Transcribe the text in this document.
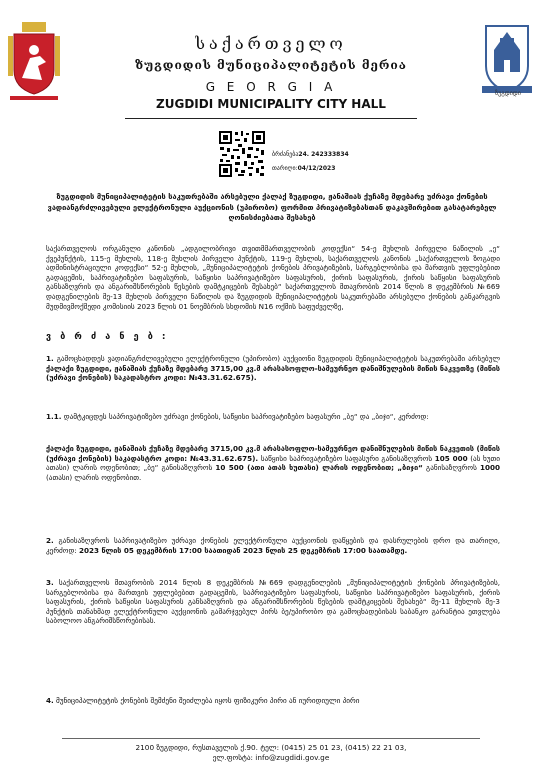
ზუგდიდი
საქართველო
ზუგდიდის მუნიციპალიტეტის მერია
G E O R G I A
ZUGDIDI MUNICIPALITY CITY HALL
ბრძანება24. 242333834
თარიღი:04/12/2023
ზუგდიდის მუნიციპალიტეტის საკუთრებაში არსებული ქალაქ ზუგდიდი, ჟანაშიას ქუჩაზე მდებარე უძრავი ქონების ვადიანგრძლივებული ელექტრონული აუქციონის (უპირობო) ფორმით პრივატიზებასთან დაკავშირებით გასატარებელ ღონისძიებათა შესახებ
საქართველოს ორგანული კანონის „ადგილობრივი თვითმმართველობის კოდექსი“ 54-ე მუხლის პირველი ნაწილის „ე“ ქვეპუნქტის, 115-ე მუხლის, 118-ე მუხლის პირველი პუნქტის, 119-ე მუხლის, საქართველოს კანონის „საქართველოს ზოგადი ადმინისტრაციული კოდექსი“ 52-ე მუხლის, „მუნიციპალიტეტის ქონების პრივატიზების, სარგებლობისა და მართვის უფლებებით გადაცემის, საპრივატიზებო საფასურის, საწყისი საპრივატიზებო საფასურის, ქირის საფასურის, ქირის საწყისი საფასურის განსაზღვრის და ანგარიშსწორების წესების დამტკიცების შესახებ“ საქართველოს მთავრობის 2014 წლის 8 დეკემბრის №669 დადგენილების მე-13 მუხლის პირველი ნაწილის და ზუგდიდის მუნიციპალიტეტის საკუთრებაში არსებული ქონების განკარგვის მუდმივმოქმედი კომისიის 2023 წლის 01 ნოემბრის სხდომის N16 ოქმის საფუძველზე,
ვ ბ რ ძ ა ნ ე ბ :
1. გამოცხადდეს ვადიანგრძლივებული ელექტრონული (უპირობო) აუქციონი ზუგდიდის მუნიციპალიტეტის საკუთრებაში არსებულ ქალაქი ზუგდიდი, ჟანაშიას ქუჩაზე მდებარე 3715,00 კვ.მ არასასოფლო-სამეურნეო დანიშნულების მიწის ნაკვეთზე (მიწის (უძრავი ქონების) საკადასტრო კოდი: №43.31.62.675).
1.1. დამტკიცდეს საპრივატიზებო უძრავი ქონების, საწყისი საპრივატიზებო საფასური „ბე“ და „ბიჯი“, კერძოდ:
ქალაქი ზუგდიდი, ჟანაშიას ქუჩაზე მდებარე 3715,00 კვ.მ არასასოფლო-სამეურნეო დანიშნულების მიწის ნაკვეთის (მიწის (უძრავი ქონების) საკადასტრო კოდი: №43.31.62.675). საწყისი საპრივატიზებო საფასური განისაზღვროს 105 000 (ას ხუთი ათასი) ლარის ოდენობით; „ბე“ განისაზღვროს 10 500 (ათი ათას ხუთასი) ლარის ოდენობით; „ბიჯი“ განისაზღვროს 1000 (ათასი) ლარის ოდენობით.
2. განისაზღვროს საპრივატიზებო უძრავი ქონების ელექტრონული აუქციონის დაწყების და დასრულების დრო და თარიღი, კერძოდ: 2023 წლის 05 დეკემბრის 17:00 საათიდან 2023 წლის 25 დეკემბრის 17:00 საათამდე.
3. საქართველოს მთავრობის 2014 წლის 8 დეკემბრის №669 დადგენილების „მუნიციპალიტეტის ქონების პრივატიზების, სარგებლობისა და მართვის უფლებებით გადაცემის, საპრივატიზებო საფასურის, საწყისი საპრივატიზებო საფასურის, ქირის საფასურის, ქირის საწყისი საფასურის განსაზღვრის და ანგარიშსწორების წესების დამტკიცების შესახებ“ მე-11 მუხლის მე-3 პუნქტის თანახმად ელექტრონული აუქციონის გამარჯვებულ პირს ბე/უპირობო და გამოცხადებისას საბანკო გარანტია ეთვლება საბოლოო ანგარიშსწორებისას.
4. მუნიციპალიტეტის ქონების შემძენი შეიძლება იყოს ფიზიკური პირი ან იურიდიული პირი
2100 ზუგდიდი, რუსთაველის ქ.90. ტელ: (0415) 25 01 23, (0415) 22 21 03,
ელ.ფოსტა: info@zugdidi.gov.ge
